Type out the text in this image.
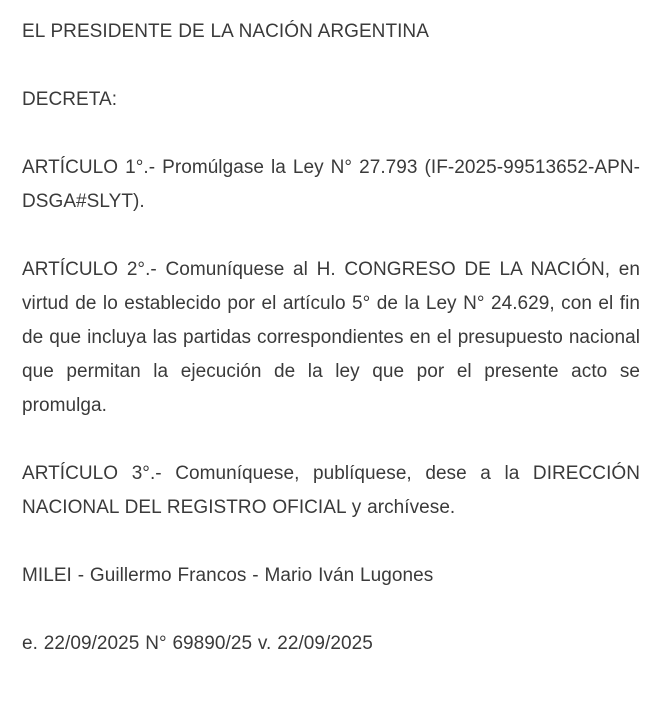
EL PRESIDENTE DE LA NACIÓN ARGENTINA

DECRETA:

ARTÍCULO 1°.- Promúlgase la Ley N° 27.793 (IF-2025-99513652-APN-DSGA#SLYT).

ARTÍCULO 2°.- Comuníquese al H. CONGRESO DE LA NACIÓN, en virtud de lo establecido por el artículo 5° de la Ley N° 24.629, con el fin de que incluya las partidas correspondientes en el presupuesto nacional que permitan la ejecución de la ley que por el presente acto se promulga.

ARTÍCULO 3°.- Comuníquese, publíquese, dese a la DIRECCIÓN NACIONAL DEL REGISTRO OFICIAL y archívese.

MILEI - Guillermo Francos - Mario Iván Lugones

e. 22/09/2025 N° 69890/25 v. 22/09/2025
